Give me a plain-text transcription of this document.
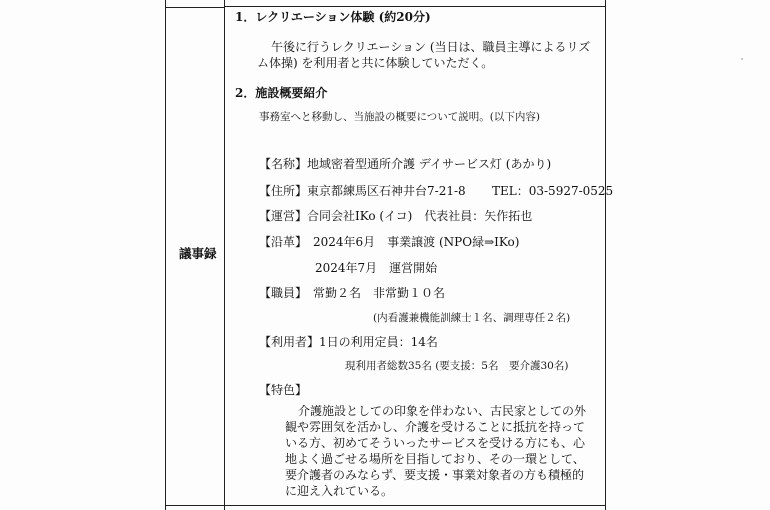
議事録
1．レクリエーション体験 (約20分)
午後に行うレクリエーション (当日は、職員主導によるリズ
ム体操) を利用者と共に体験していただく。
2．施設概要紹介
事務室へと移動し、当施設の概要について説明。(以下内容)
【名称】地域密着型通所介護 デイサービス灯 (あかり)
【住所】東京都練馬区石神井台7-21-8 TEL：03-5927-0525
【運営】合同会社IKo (イコ)　代表社員：矢作拓也
【沿革】　2024年6月　事業譲渡 (NPO緑⇒IKo)
2024年7月　運営開始
【職員】　常勤２名　非常勤１０名
(内看護兼機能訓練士１名、調理専任２名)
【利用者】1日の利用定員：14名
現利用者総数35名 (要支援：5名　要介護30名)
【特色】
介護施設としての印象を伴わない、古民家としての外
観や雰囲気を活かし、介護を受けることに抵抗を持って
いる方、初めてそういったサービスを受ける方にも、心
地よく過ごせる場所を目指しており、その一環として、
要介護者のみならず、要支援・事業対象者の方も積極的
に迎え入れている。
